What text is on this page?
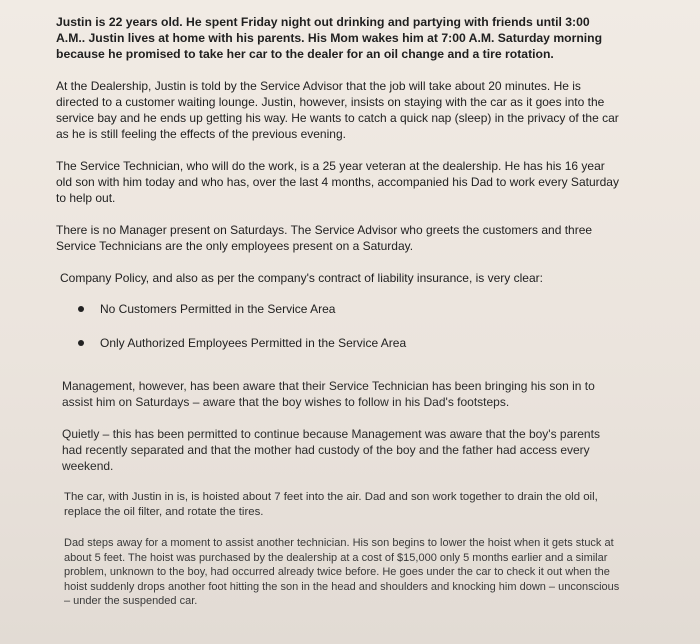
Justin is 22 years old. He spent Friday night out drinking and partying with friends until 3:00 A.M.. Justin lives at home with his parents. His Mom wakes him at 7:00 A.M. Saturday morning because he promised to take her car to the dealer for an oil change and a tire rotation.

At the Dealership, Justin is told by the Service Advisor that the job will take about 20 minutes. He is directed to a customer waiting lounge. Justin, however, insists on staying with the car as it goes into the service bay and he ends up getting his way. He wants to catch a quick nap (sleep) in the privacy of the car as he is still feeling the effects of the previous evening.

The Service Technician, who will do the work, is a 25 year veteran at the dealership. He has his 16 year old son with him today and who has, over the last 4 months, accompanied his Dad to work every Saturday to help out.

There is no Manager present on Saturdays. The Service Advisor who greets the customers and three Service Technicians are the only employees present on a Saturday.

Company Policy, and also as per the company's contract of liability insurance, is very clear:

No Customers Permitted in the Service Area
Only Authorized Employees Permitted in the Service Area

Management, however, has been aware that their Service Technician has been bringing his son in to assist him on Saturdays – aware that the boy wishes to follow in his Dad's footsteps.

Quietly – this has been permitted to continue because Management was aware that the boy's parents had recently separated and that the mother had custody of the boy and the father had access every weekend.

The car, with Justin in is, is hoisted about 7 feet into the air. Dad and son work together to drain the old oil, replace the oil filter, and rotate the tires.

Dad steps away for a moment to assist another technician. His son begins to lower the hoist when it gets stuck at about 5 feet. The hoist was purchased by the dealership at a cost of $15,000 only 5 months earlier and a similar problem, unknown to the boy, had occurred already twice before. He goes under the car to check it out when the hoist suddenly drops another foot hitting the son in the head and shoulders and knocking him down – unconscious – under the suspended car.
